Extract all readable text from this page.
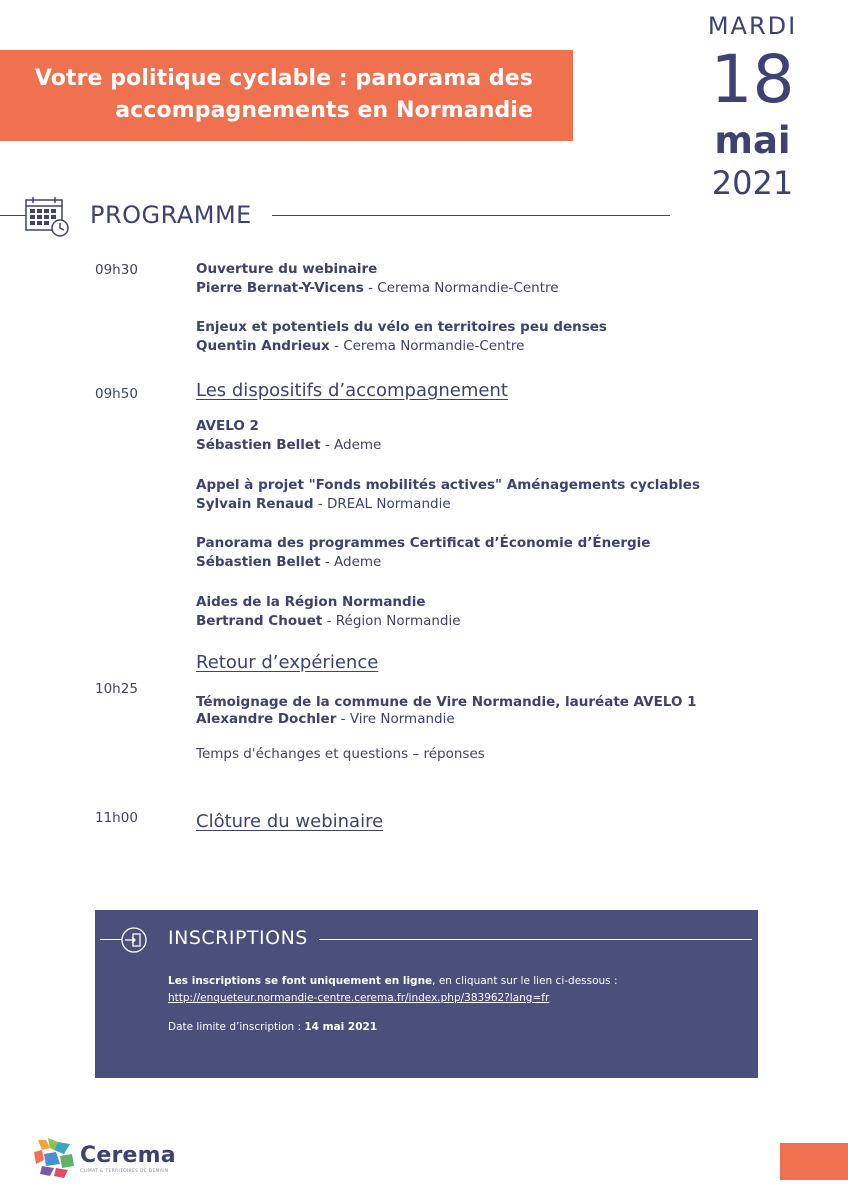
Votre politique cyclable : panorama des
accompagnements en Normandie
MARDI
18
mai
2021
PROGRAMME
09h30
09h50
10h25
11h00
Ouverture du webinaire
Pierre Bernat-Y-Vicens - Cerema Normandie-Centre
Enjeux et potentiels du vélo en territoires peu denses
Quentin Andrieux - Cerema Normandie-Centre
Les dispositifs d’accompagnement
AVELO 2
Sébastien Bellet - Ademe
Appel à projet "Fonds mobilités actives" Aménagements cyclables
Sylvain Renaud - DREAL Normandie
Panorama des programmes Certificat d’Économie d’Énergie
Sébastien Bellet - Ademe
Aides de la Région Normandie
Bertrand Chouet - Région Normandie
Retour d’expérience
Témoignage de la commune de Vire Normandie, lauréate AVELO 1
Alexandre Dochler - Vire Normandie
Temps d'échanges et questions – réponses
Clôture du webinaire
INSCRIPTIONS
Les inscriptions se font uniquement en ligne, en cliquant sur le lien ci-dessous :
http://enqueteur.normandie-centre.cerema.fr/index.php/383962?lang=fr
Date limite d’inscription : 14 mai 2021
Cerema
CLIMAT & TERRITOIRES DE DEMAIN
